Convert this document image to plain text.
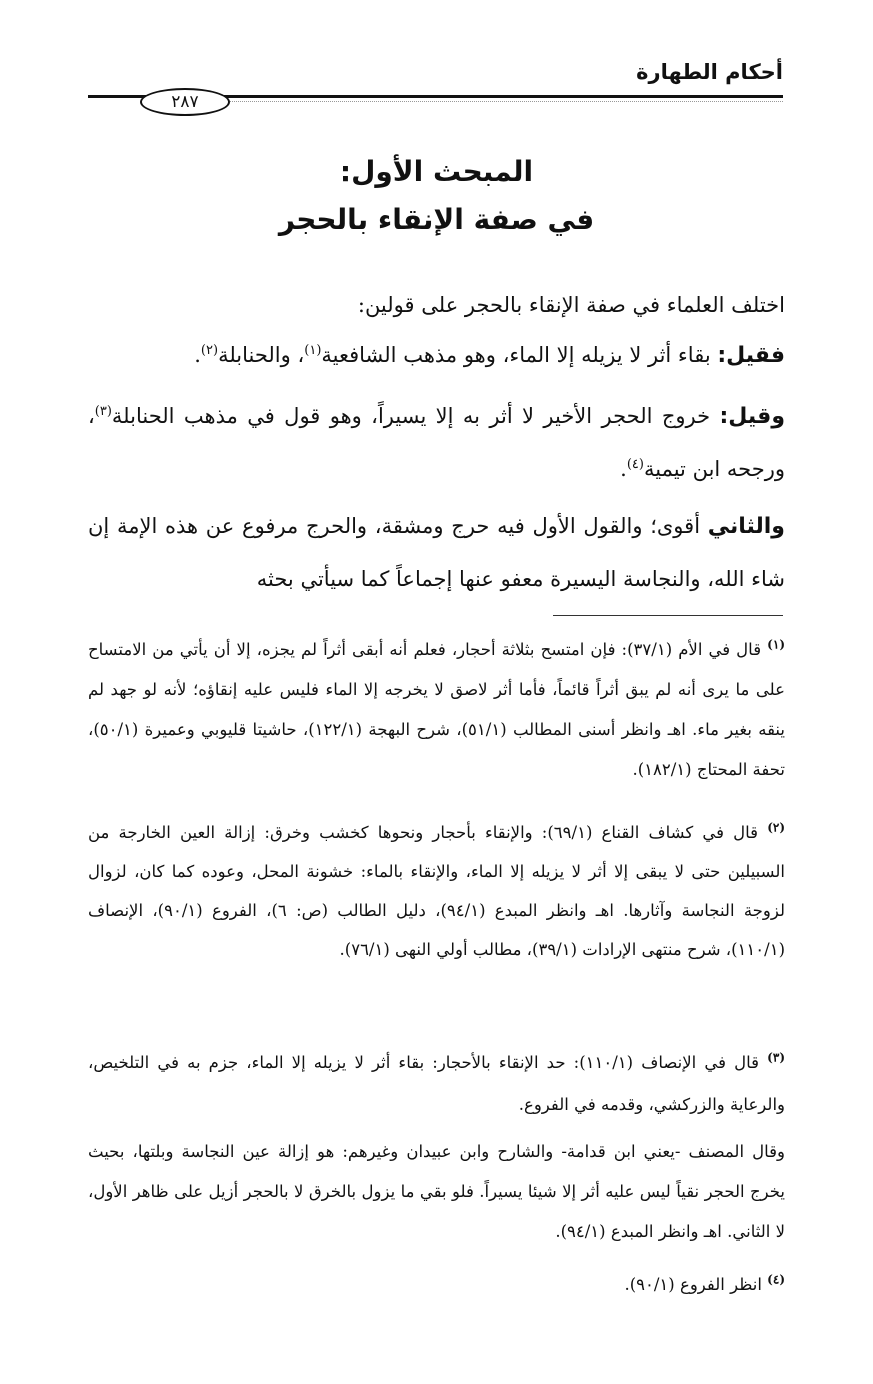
أحكام الطهارة
٢٨٧
المبحث الأول:
في صفة الإنقاء بالحجر

اختلف العلماء في صفة الإنقاء بالحجر على قولين:

فقيل: بقاء أثر لا يزيله إلا الماء، وهو مذهب الشافعية$^{(١)}$، والحنابلة$^{(٢)}$.

وقيل: خروج الحجر الأخير لا أثر به إلا يسيراً، وهو قول في مذهب الحنابلة$^{(٣)}$، ورجحه ابن تيمية$^{(٤)}$.

والثاني أقوى؛ والقول الأول فيه حرج ومشقة، والحرج مرفوع عن هذه الإمة إن شاء الله، والنجاسة اليسيرة معفو عنها إجماعاً كما سيأتي بحثه

$^{(١)}$ قال في الأم (٣٧/١): فإن امتسح بثلاثة أحجار، فعلم أنه أبقى أثراً لم يجزه، إلا أن يأتي من الامتساح على ما يرى أنه لم يبق أثراً قائماً، فأما أثر لاصق لا يخرجه إلا الماء فليس عليه إنقاؤه؛ لأنه لو جهد لم ينقه بغير ماء. اهـ وانظر أسنى المطالب (٥١/١)، شرح البهجة (١٢٢/١)، حاشيتا قليوبي وعميرة (٥٠/١)، تحفة المحتاج (١٨٢/١).

$^{(٢)}$ قال في كشاف القناع (٦٩/١): والإنقاء بأحجار ونحوها كخشب وخرق: إزالة العين الخارجة من السبيلين حتى لا يبقى إلا أثر لا يزيله إلا الماء، والإنقاء بالماء: خشونة المحل، وعوده كما كان، لزوال لزوجة النجاسة وآثارها. اهـ وانظر المبدع (٩٤/١)، دليل الطالب (ص: ٦)، الفروع (٩٠/١)، الإنصاف (١١٠/١)، شرح منتهى الإرادات (٣٩/١)، مطالب أولي النهى (٧٦/١).

$^{(٣)}$ قال في الإنصاف (١١٠/١): حد الإنقاء بالأحجار: بقاء أثر لا يزيله إلا الماء، جزم به في التلخيص، والرعاية والزركشي، وقدمه في الفروع.

وقال المصنف -يعني ابن قدامة- والشارح وابن عبيدان وغيرهم: هو إزالة عين النجاسة وبلتها، بحيث يخرج الحجر نقياً ليس عليه أثر إلا شيئا يسيراً. فلو بقي ما يزول بالخرق لا بالحجر أزيل على ظاهر الأول، لا الثاني. اهـ وانظر المبدع (٩٤/١).

$^{(٤)}$ انظر الفروع (٩٠/١).
